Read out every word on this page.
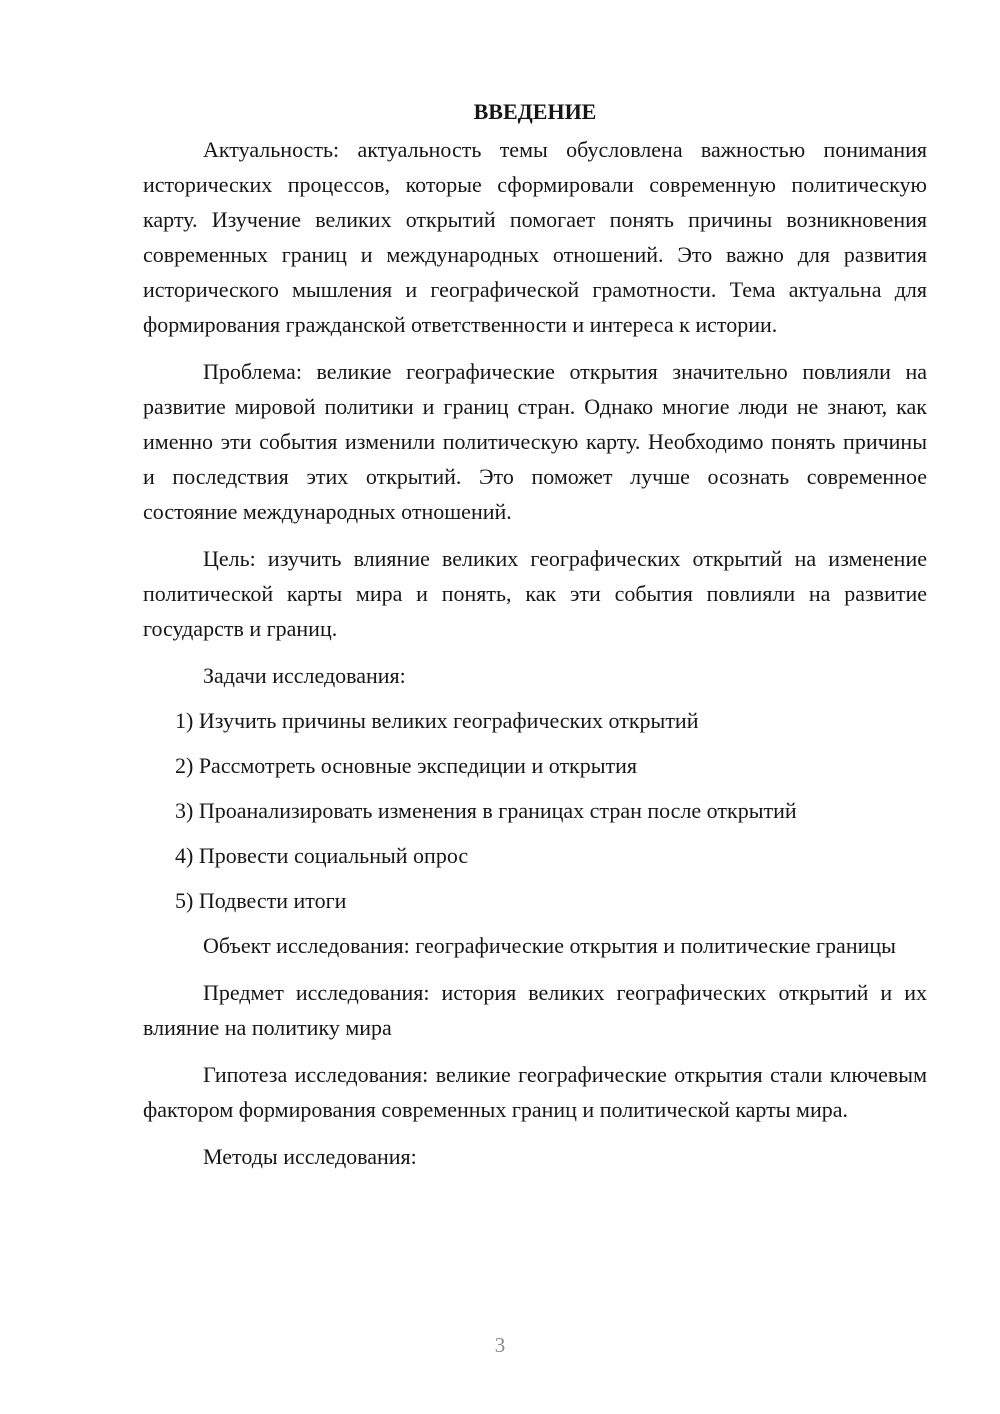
ВВЕДЕНИЕ

Актуальность: актуальность темы обусловлена важностью понимания исторических процессов, которые сформировали современную политическую карту. Изучение великих открытий помогает понять причины возникновения современных границ и международных отношений. Это важно для развития исторического мышления и географической грамотности. Тема актуальна для формирования гражданской ответственности и интереса к истории.

Проблема: великие географические открытия значительно повлияли на развитие мировой политики и границ стран. Однако многие люди не знают, как именно эти события изменили политическую карту. Необходимо понять причины и последствия этих открытий. Это поможет лучше осознать современное состояние международных отношений.

Цель: изучить влияние великих географических открытий на изменение политической карты мира и понять, как эти события повлияли на развитие государств и границ.

Задачи исследования:

1) Изучить причины великих географических открытий
2) Рассмотреть основные экспедиции и открытия
3) Проанализировать изменения в границах стран после открытий
4) Провести социальный опрос
5) Подвести итоги

Объект исследования: географические открытия и политические границы

Предмет исследования: история великих географических открытий и их влияние на политику мира

Гипотеза исследования: великие географические открытия стали ключевым фактором формирования современных границ и политической карты мира.

Методы исследования:

3
